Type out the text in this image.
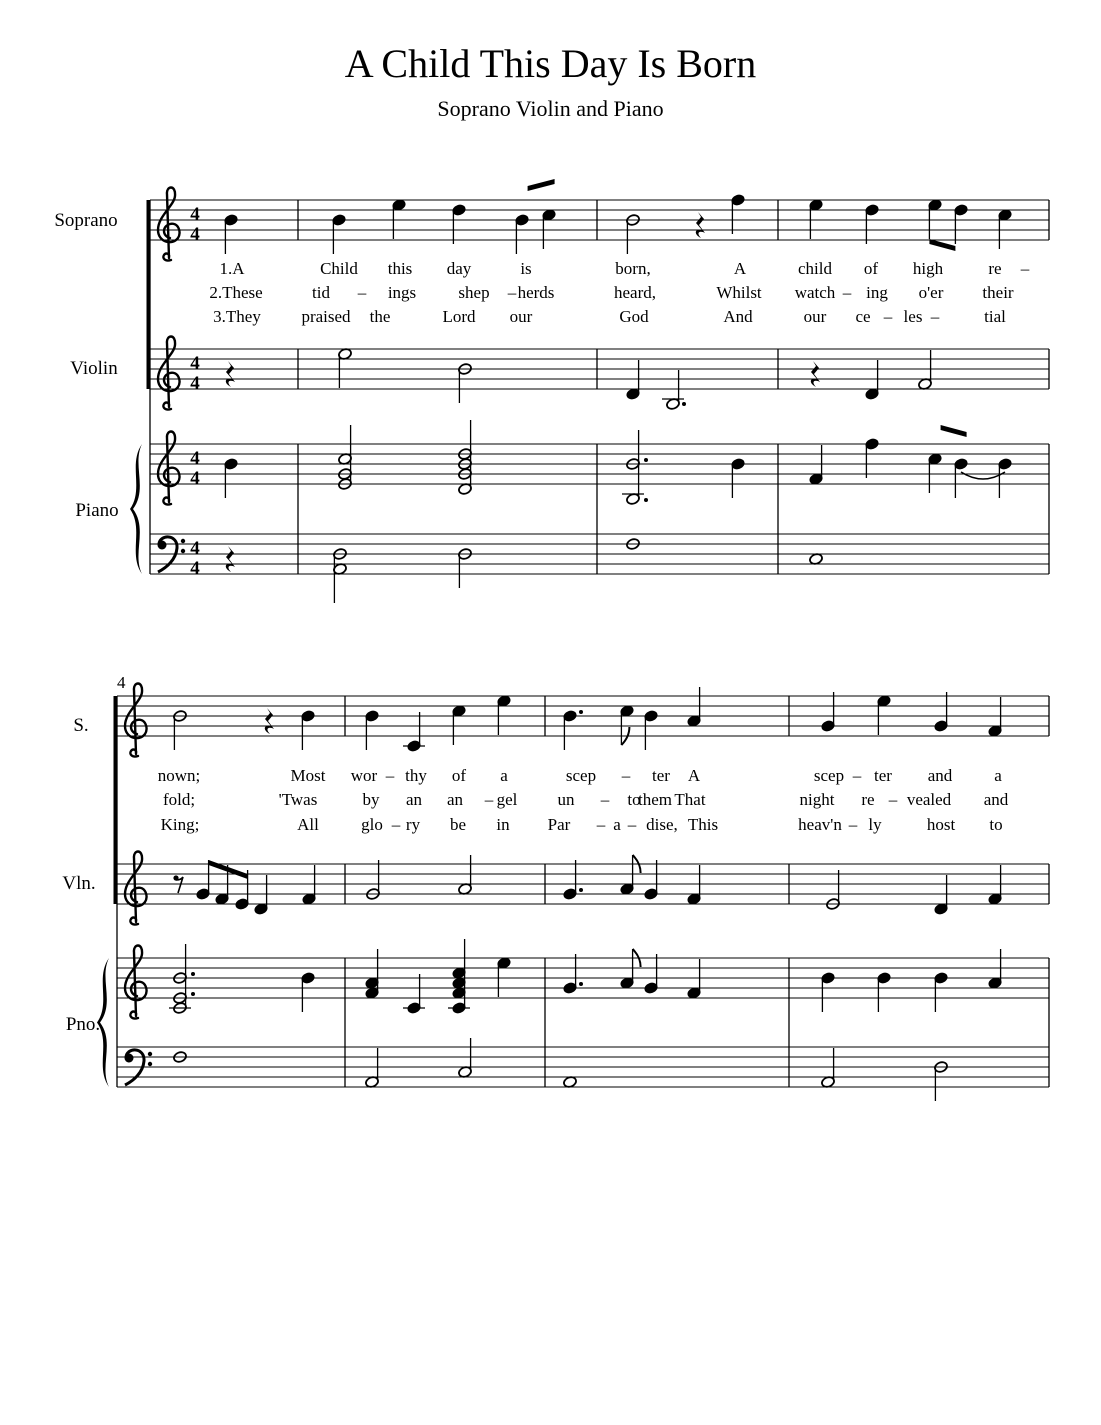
A Child This Day Is Born
Soprano Violin and Piano
4
4
4
4
4
4
4
4
Soprano
Violin
Piano
1.A	Child this day	is	born,	A	child of high	re –
2.These	tid – ings shep – herds	heard,	Whilst watch – ing o'er their
3.They praised the	Lord our	God	And	our ce – les –	tial
4
S.
Vln.
Pno.
nown;	Most wor – thy of a	scep – ter A	scep – ter and a
fold;	'Twas	by an an – gel un – to
them That	night re – vealed and
King;	All glo – ry be in Par – a – dise, This	heav'n – ly	host to
